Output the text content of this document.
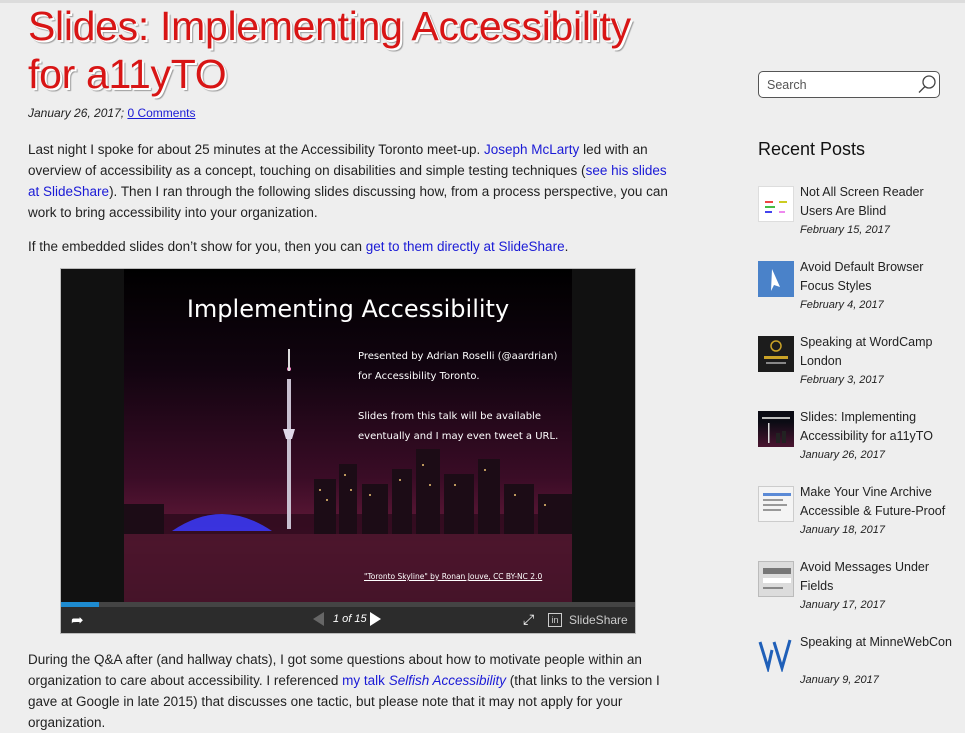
Slides: Implementing Accessibility for a11yTO
January 26, 2017; 0 Comments

Last night I spoke for about 25 minutes at the Accessibility Toronto meet-up. Joseph McLarty led with an overview of accessibility as a concept, touching on disabilities and simple testing techniques (see his slides at SlideShare). Then I ran through the following slides discussing how, from a process perspective, you can work to bring accessibility into your organization.

If the embedded slides don’t show for you, then you can get to them directly at SlideShare.

Implementing Accessibility
Presented by Adrian Roselli (@aardrian)
for Accessibility Toronto.
Slides from this talk will be available
eventually and I may even tweet a URL.
"Toronto Skyline" by Ronan Jouve, CC BY-NC 2.0
➦	1 of 15	⤢	in SlideShare

During the Q&A after (and hallway chats), I got some questions about how to motivate people within an organization to care about accessibility. I referenced my talk Selfish Accessibility (that links to the version I gave at Google in late 2015) that discusses one tactic, but please note that it may not apply for your organization.

Search
Recent Posts
Not All Screen Reader Users Are Blind
February 15, 2017
Avoid Default Browser Focus Styles
February 4, 2017
Speaking at WordCamp London
February 3, 2017
Slides: Implementing Accessibility for a11yTO
January 26, 2017
Make Your Vine Archive Accessible & Future-Proof
January 18, 2017
Avoid Messages Under Fields
January 17, 2017
Speaking at MinneWebCon
January 9, 2017
